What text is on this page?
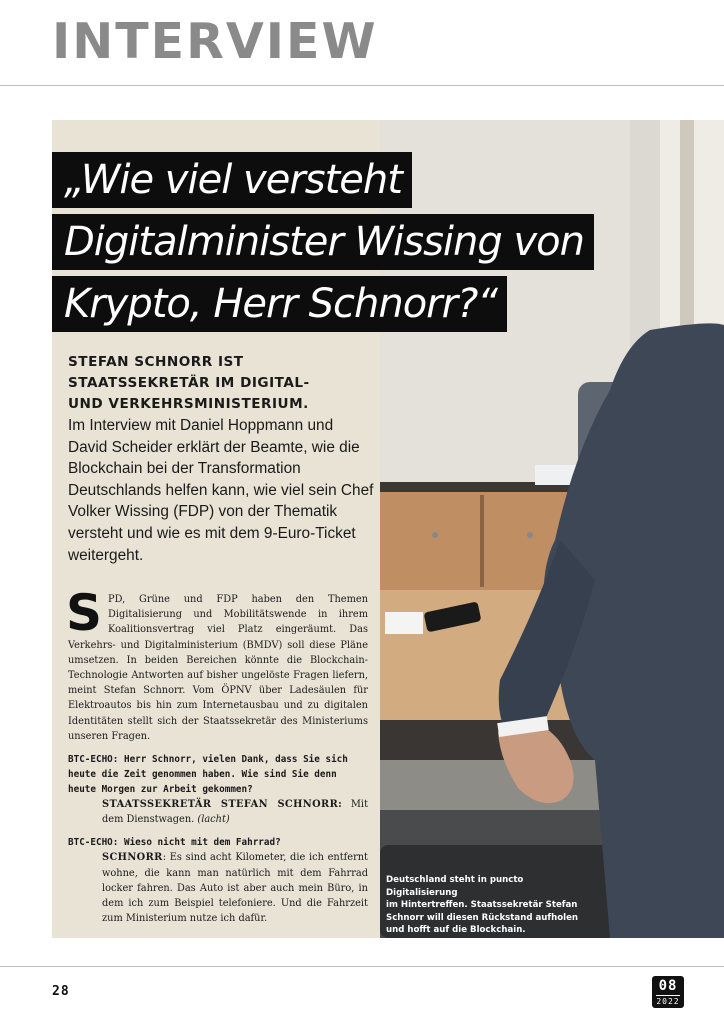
INTERVIEW
„Wie viel versteht
Digitalminister Wissing von
Krypto, Herr Schnorr?“
STEFAN SCHNORR IST
STAATSSEKRETÄR IM DIGITAL-
UND VERKEHRSMINISTERIUM.
Im Interview mit Daniel Hoppmann und David Scheider erklärt der Beamte, wie die Blockchain bei der Transformation Deutschlands helfen kann, wie viel sein Chef Volker Wissing (FDP) von der Thematik versteht und wie es mit dem 9-Euro-Ticket weitergeht.

S PD, Grüne und FDP haben den Themen Digitalisierung und Mobilitätswende in ihrem Koalitionsvertrag viel Platz eingeräumt. Das Verkehrs- und Digitalministerium (BMDV) soll diese Pläne umsetzen. In beiden Bereichen könnte die Blockchain-Technologie Antworten auf bisher ungelöste Fragen liefern, meint Stefan Schnorr. Vom ÖPNV über Ladesäulen für Elektroautos bis hin zum Internetausbau und zu digitalen Identitäten stellt sich der Staatssekretär des Ministeriums unseren Fragen.

BTC-ECHO: Herr Schnorr, vielen Dank, dass Sie sich heute die Zeit genommen haben. Wie sind Sie denn heute Morgen zur Arbeit gekommen?
STAATSSEKRETÄR STEFAN SCHNORR: Mit dem Dienstwagen. (lacht)
BTC-ECHO: Wieso nicht mit dem Fahrrad?
SCHNORR: Es sind acht Kilometer, die ich entfernt wohne, die kann man natürlich mit dem Fahrrad locker fahren. Das Auto ist aber auch mein Büro, in dem ich zum Beispiel telefoniere. Und die Fahrzeit zum Ministerium nutze ich dafür.
Deutschland steht in puncto Digitalisierung
im Hintertreffen. Staatssekretär Stefan
Schnorr will diesen Rückstand aufholen
und hofft auf die Blockchain.
28	08
2022
